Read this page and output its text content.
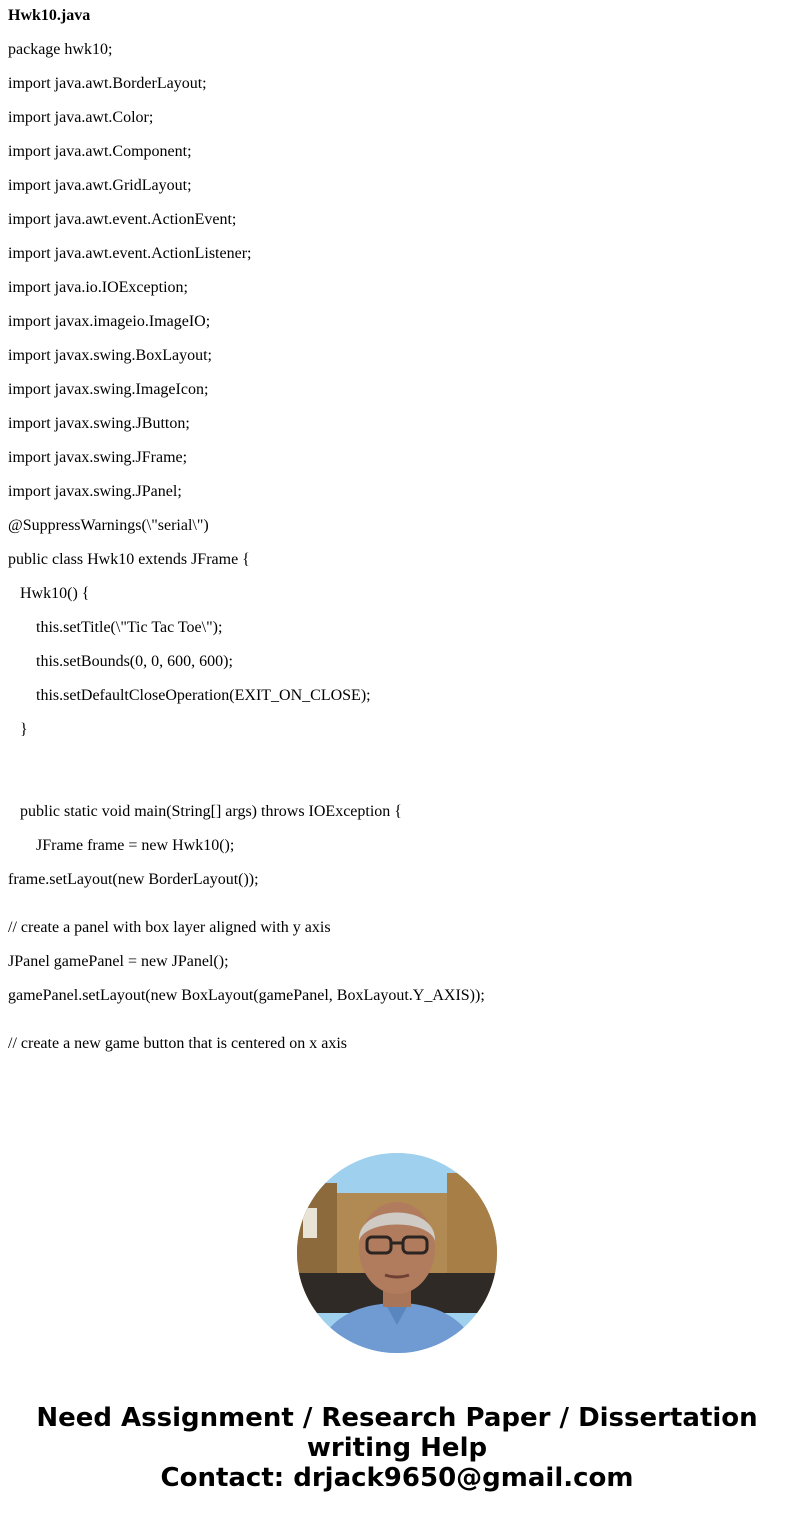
Hwk10.java
package hwk10;
import java.awt.BorderLayout;
import java.awt.Color;
import java.awt.Component;
import java.awt.GridLayout;
import java.awt.event.ActionEvent;
import java.awt.event.ActionListener;
import java.io.IOException;
import javax.imageio.ImageIO;
import javax.swing.BoxLayout;
import javax.swing.ImageIcon;
import javax.swing.JButton;
import javax.swing.JFrame;
import javax.swing.JPanel;
@SuppressWarnings(\"serial\")
public class Hwk10 extends JFrame {
Hwk10() {
this.setTitle(\"Tic Tac Toe\");
this.setBounds(0, 0, 600, 600);
this.setDefaultCloseOperation(EXIT_ON_CLOSE);
}
public static void main(String[] args) throws IOException {
JFrame frame = new Hwk10();
frame.setLayout(new BorderLayout());
// create a panel with box layer aligned with y axis
JPanel gamePanel = new JPanel();
gamePanel.setLayout(new BoxLayout(gamePanel, BoxLayout.Y_AXIS));
// create a new game button that is centered on x axis
Need Assignment / Research Paper / Dissertation
writing Help
Contact: drjack9650@gmail.com
